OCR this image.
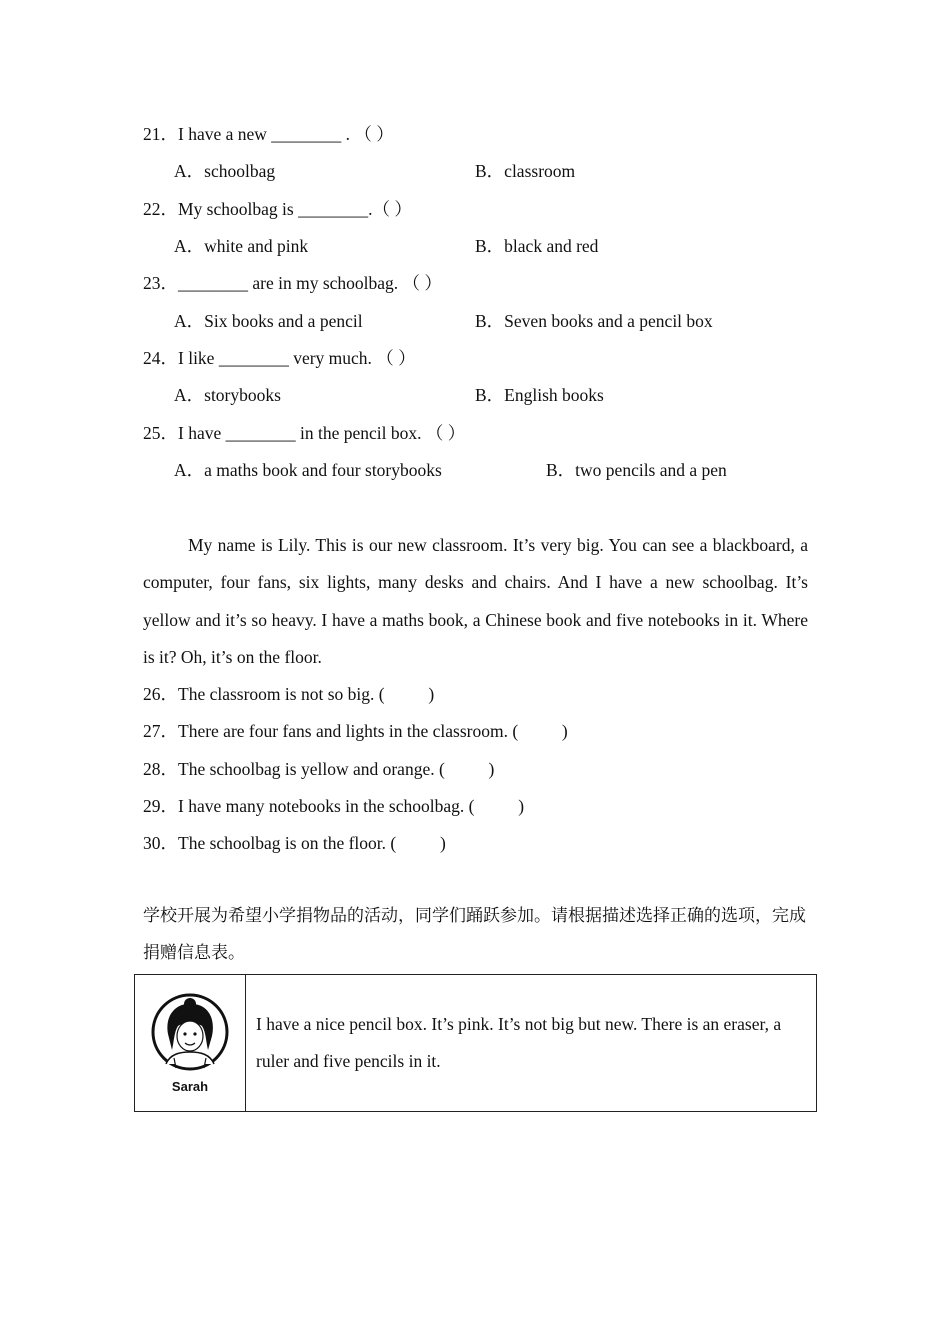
21．I have a new ________ . （ ）
A．schoolbag	B．classroom
22．My schoolbag is ________.（ ）
A．white and pink	B．black and red
23．________ are in my schoolbag. （ ）
A．Six books and a pencil	B．Seven books and a pencil box
24．I like ________ very much. （ ）
A．storybooks	B．English books
25．I have ________ in the pencil box. （ ）
A．a maths book and four storybooks	B．two pencils and a pen
My name is Lily. This is our new classroom. It’s very big. You can see a blackboard, a computer, four fans, six lights, many desks and chairs. And I have a new schoolbag. It’s yellow and it’s so heavy. I have a maths book, a Chinese book and five notebooks in it. Where is it? Oh, it’s on the floor.
26．The classroom is not so big. (          )
27．There are four fans and lights in the classroom. (          )
28．The schoolbag is yellow and orange. (          )
29．I have many notebooks in the schoolbag. (          )
30．The schoolbag is on the floor. (          )
学校开展为希望小学捐物品的活动，同学们踊跃参加。请根据描述选择正确的选项，完成捐赠信息表。
Sarah
	I have a nice pencil box. It’s pink. It’s not big but new. There is an eraser, a ruler and five pencils in it.
